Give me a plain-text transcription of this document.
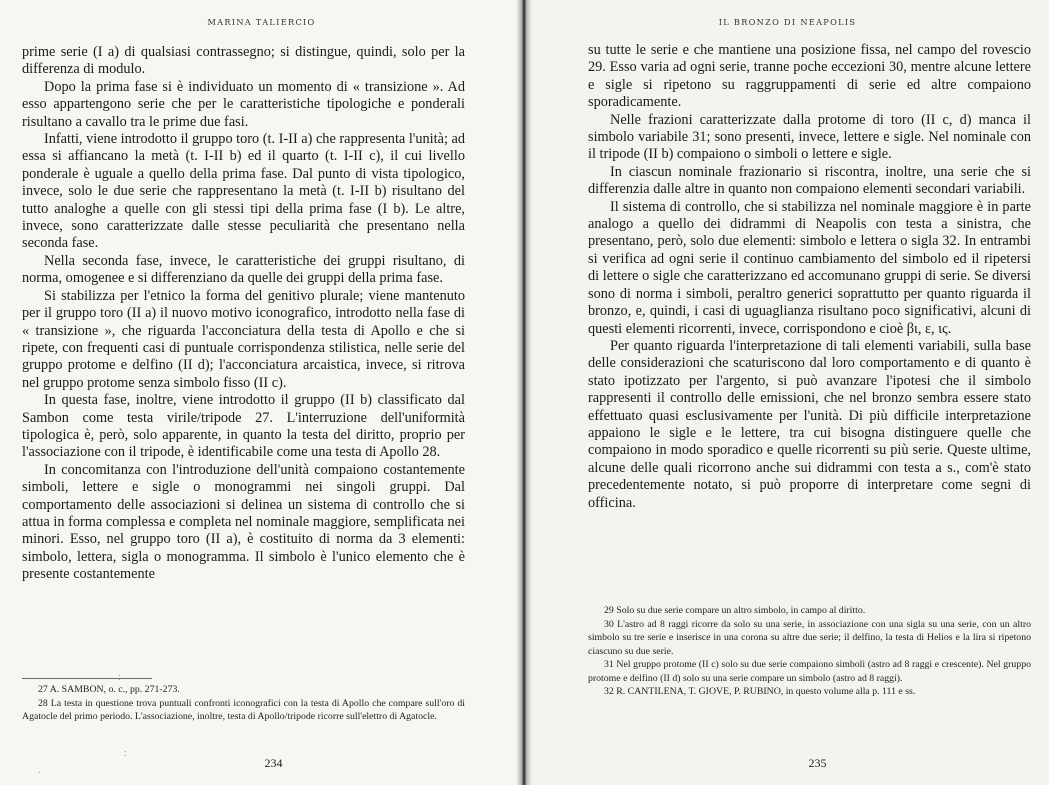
MARINA TALIERCIO

prime serie (I a) di qualsiasi contrassegno; si distingue, quindi, solo per la differenza di modulo.

Dopo la prima fase si è individuato un momento di « transizione ». Ad esso appartengono serie che per le caratteristiche tipologiche e ponderali risultano a cavallo tra le prime due fasi.

Infatti, viene introdotto il gruppo toro (t. I-II a) che rappresenta l'unità; ad essa si affiancano la metà (t. I-II b) ed il quarto (t. I-II c), il cui livello ponderale è uguale a quello della prima fase. Dal punto di vista tipologico, invece, solo le due serie che rappresentano la metà (t. I-II b) risultano del tutto analoghe a quelle con gli stessi tipi della prima fase (I b). Le altre, invece, sono caratterizzate dalle stesse peculiarità che presentano nella seconda fase.

Nella seconda fase, invece, le caratteristiche dei gruppi risultano, di norma, omogenee e si differenziano da quelle dei gruppi della prima fase.

Si stabilizza per l'etnico la forma del genitivo plurale; viene mantenuto per il gruppo toro (II a) il nuovo motivo iconografico, introdotto nella fase di « transizione », che riguarda l'acconciatura della testa di Apollo e che si ripete, con frequenti casi di puntuale corrispondenza stilistica, nelle serie del gruppo protome e delfino (II d); l'acconciatura arcaistica, invece, si ritrova nel gruppo protome senza simbolo fisso (II c).

In questa fase, inoltre, viene introdotto il gruppo (II b) classificato dal Sambon come testa virile/tripode 27. L'interruzione dell'uniformità tipologica è, però, solo apparente, in quanto la testa del diritto, proprio per l'associazione con il tripode, è identificabile come una testa di Apollo 28.

In concomitanza con l'introduzione dell'unità compaiono costantemente simboli, lettere e sigle o monogrammi nei singoli gruppi. Dal comportamento delle associazioni si delinea un sistema di controllo che si attua in forma complessa e completa nel nominale maggiore, semplificata nei minori. Esso, nel gruppo toro (II a), è costituito di norma da 3 elementi: simbolo, lettera, sigla o monogramma. Il simbolo è l'unico elemento che è presente costantemente

27 A. SAMBON, o. c., pp. 271-273.

28 La testa in questione trova puntuali confronti iconografici con la testa di Apollo che compare sull'oro di Agatocle del primo periodo. L'associazione, inoltre, testa di Apollo/tripode ricorre sull'elettro di Agatocle.

:
:
.
234
IL BRONZO DI NEAPOLIS

su tutte le serie e che mantiene una posizione fissa, nel campo del rovescio 29. Esso varia ad ogni serie, tranne poche eccezioni 30, mentre alcune lettere e sigle si ripetono su raggruppamenti di serie ed altre compaiono sporadicamente.

Nelle frazioni caratterizzate dalla protome di toro (II c, d) manca il simbolo variabile 31; sono presenti, invece, lettere e sigle. Nel nominale con il tripode (II b) compaiono o simboli o lettere e sigle.

In ciascun nominale frazionario si riscontra, inoltre, una serie che si differenzia dalle altre in quanto non compaiono elementi secondari variabili.

Il sistema di controllo, che si stabilizza nel nominale maggiore è in parte analogo a quello dei didrammi di Neapolis con testa a sinistra, che presentano, però, solo due elementi: simbolo e lettera o sigla 32. In entrambi si verifica ad ogni serie il continuo cambiamento del simbolo ed il ripetersi di lettere o sigle che caratterizzano ed accomunano gruppi di serie. Se diversi sono di norma i simboli, peraltro generici soprattutto per quanto riguarda il bronzo, e, quindi, i casi di uguaglianza risultano poco significativi, alcuni di questi elementi ricorrenti, invece, corrispondono e cioè βι, ε, ις.

Per quanto riguarda l'interpretazione di tali elementi variabili, sulla base delle considerazioni che scaturiscono dal loro comportamento e di quanto è stato ipotizzato per l'argento, si può avanzare l'ipotesi che il simbolo rappresenti il controllo delle emissioni, che nel bronzo sembra essere stato effettuato quasi esclusivamente per l'unità. Di più difficile interpretazione appaiono le sigle e le lettere, tra cui bisogna distinguere quelle che compaiono in modo sporadico e quelle ricorrenti su più serie. Queste ultime, alcune delle quali ricorrono anche sui didrammi con testa a s., com'è stato precedentemente notato, si può proporre di interpretare come segni di officina.

29 Solo su due serie compare un altro simbolo, in campo al diritto.

30 L'astro ad 8 raggi ricorre da solo su una serie, in associazione con una sigla su una serie, con un altro simbolo su tre serie e inserisce in una corona su altre due serie; il delfino, la testa di Helios e la lira si ripetono ciascuno su due serie.

31 Nel gruppo protome (II c) solo su due serie compaiono simboli (astro ad 8 raggi e crescente). Nel gruppo protome e delfino (II d) solo su una serie compare un simbolo (astro ad 8 raggi).

32 R. CANTILENA, T. GIOVE, P. RUBINO, in questo volume alla p. 111 e ss.

235
